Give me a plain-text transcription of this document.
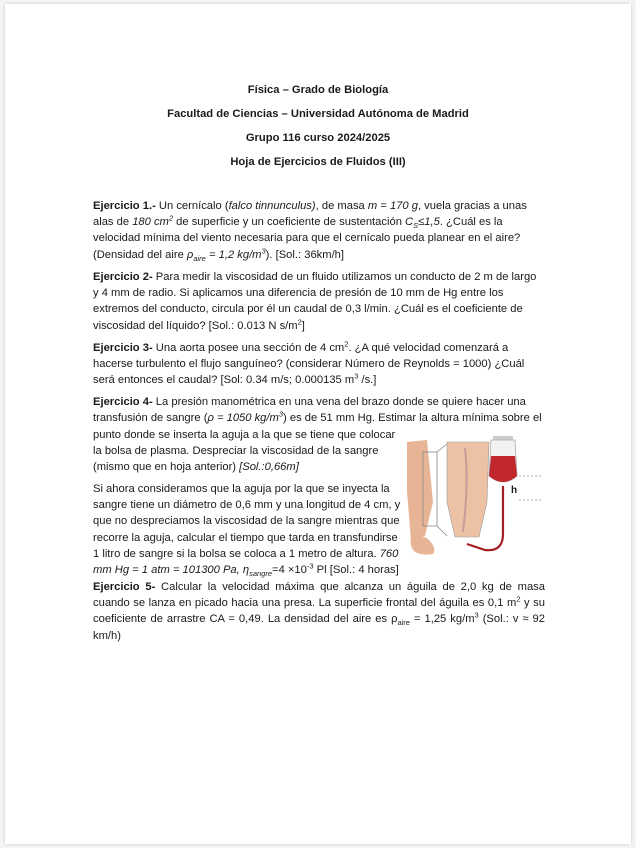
Física – Grado de Biología
Facultad de Ciencias – Universidad Autónoma de Madrid
Grupo 116 curso 2024/2025
Hoja de Ejercicios de Fluidos (III)
Ejercicio 1.- Un cernícalo (falco tinnunculus), de masa m = 170 g, vuela gracias a unas alas de 180 $cm^2$ de superficie y un coeficiente de sustentación $C_S\le 1,5$. ¿Cuál es la velocidad mínima del viento necesaria para que el cernícalo pueda planear en el aire? (Densidad del aire $\rho_{aire} = 1,2$ $kg/m^3$). [Sol.: 36km/h]
Ejercicio 2- Para medir la viscosidad de un fluido utilizamos un conducto de 2 m de largo y 4 mm de radio. Si aplicamos una diferencia de presión de 10 mm de Hg entre los extremos del conducto, circula por él un caudal de 0,3 l/min. ¿Cuál es el coeficiente de viscosidad del líquido? [Sol.: 0.013 N $s/m^2$]
Ejercicio 3- Una aorta posee una sección de 4 $cm^2$. ¿A qué velocidad comenzará a hacerse turbulento el flujo sanguíneo? (considerar Número de Reynolds = 1000) ¿Cuál será entonces el caudal? [Sol: 0.34 m/s; 0.000135 $m^3$ /s.]
Ejercicio 4- La presión manométrica en una vena del brazo donde se quiere hacer una transfusión de sangre (ρ = 1050 $kg/m^3$) es de 51 mm Hg. Estimar la altura mínima sobre el
punto donde se inserta la aguja a la que se tiene que colocar la bolsa de plasma. Despreciar la viscosidad de la sangre (mismo que en hoja anterior) [Sol.:0,66m]
Si ahora consideramos que la aguja por la que se inyecta la sangre tiene un diámetro de 0,6 mm y una longitud de 4 cm, y que no despreciamos la viscosidad de la sangre mientras que recorre la aguja, calcular el tiempo que tarda en transfundirse 1 litro de sangre si la bolsa se coloca a 1 metro de altura. 760 mm Hg = 1 atm = 101300 Pa, $\eta_{sangre}=4 \times 10^{-3}$ Pl [Sol.: 4 horas]
h
Ejercicio 5- Calcular la velocidad máxima que alcanza un águila de 2,0 kg de masa cuando se lanza en picado hacia una presa. La superficie frontal del águila es 0,1 $m^2$ y su coeficiente de arrastre CA = 0,49. La densidad del aire es $\rho_{aire} = 1,25$ $kg/m^3$ (Sol.: v ≈ 92 km/h)
